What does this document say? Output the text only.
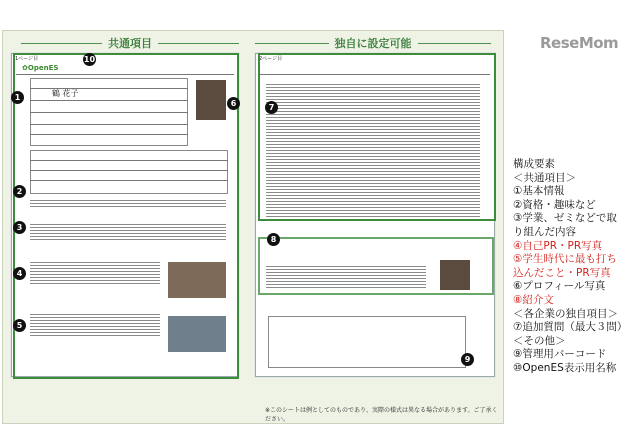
ReseMom
共通項目	独自に設定可能
1ページ目
✿OpenES
鶴 花子
2ページ目
10
1
2
3
4
5
6	7
8
9
※このシートは例としてのものであり、実際の様式は異なる場合があります。ご了承ください。
構成要素
＜共通項目＞
①基本情報
②資格・趣味など
③学業、ゼミなどで取
り組んだ内容
④自己PR・PR写真
⑤学生時代に最も打ち
込んだこと・PR写真
⑥プロフィール写真
⑧紹介文
＜各企業の独自項目＞
⑦追加質問（最大３問）
＜その他＞
⑨管理用バーコード
⑩OpenES表示用名称
